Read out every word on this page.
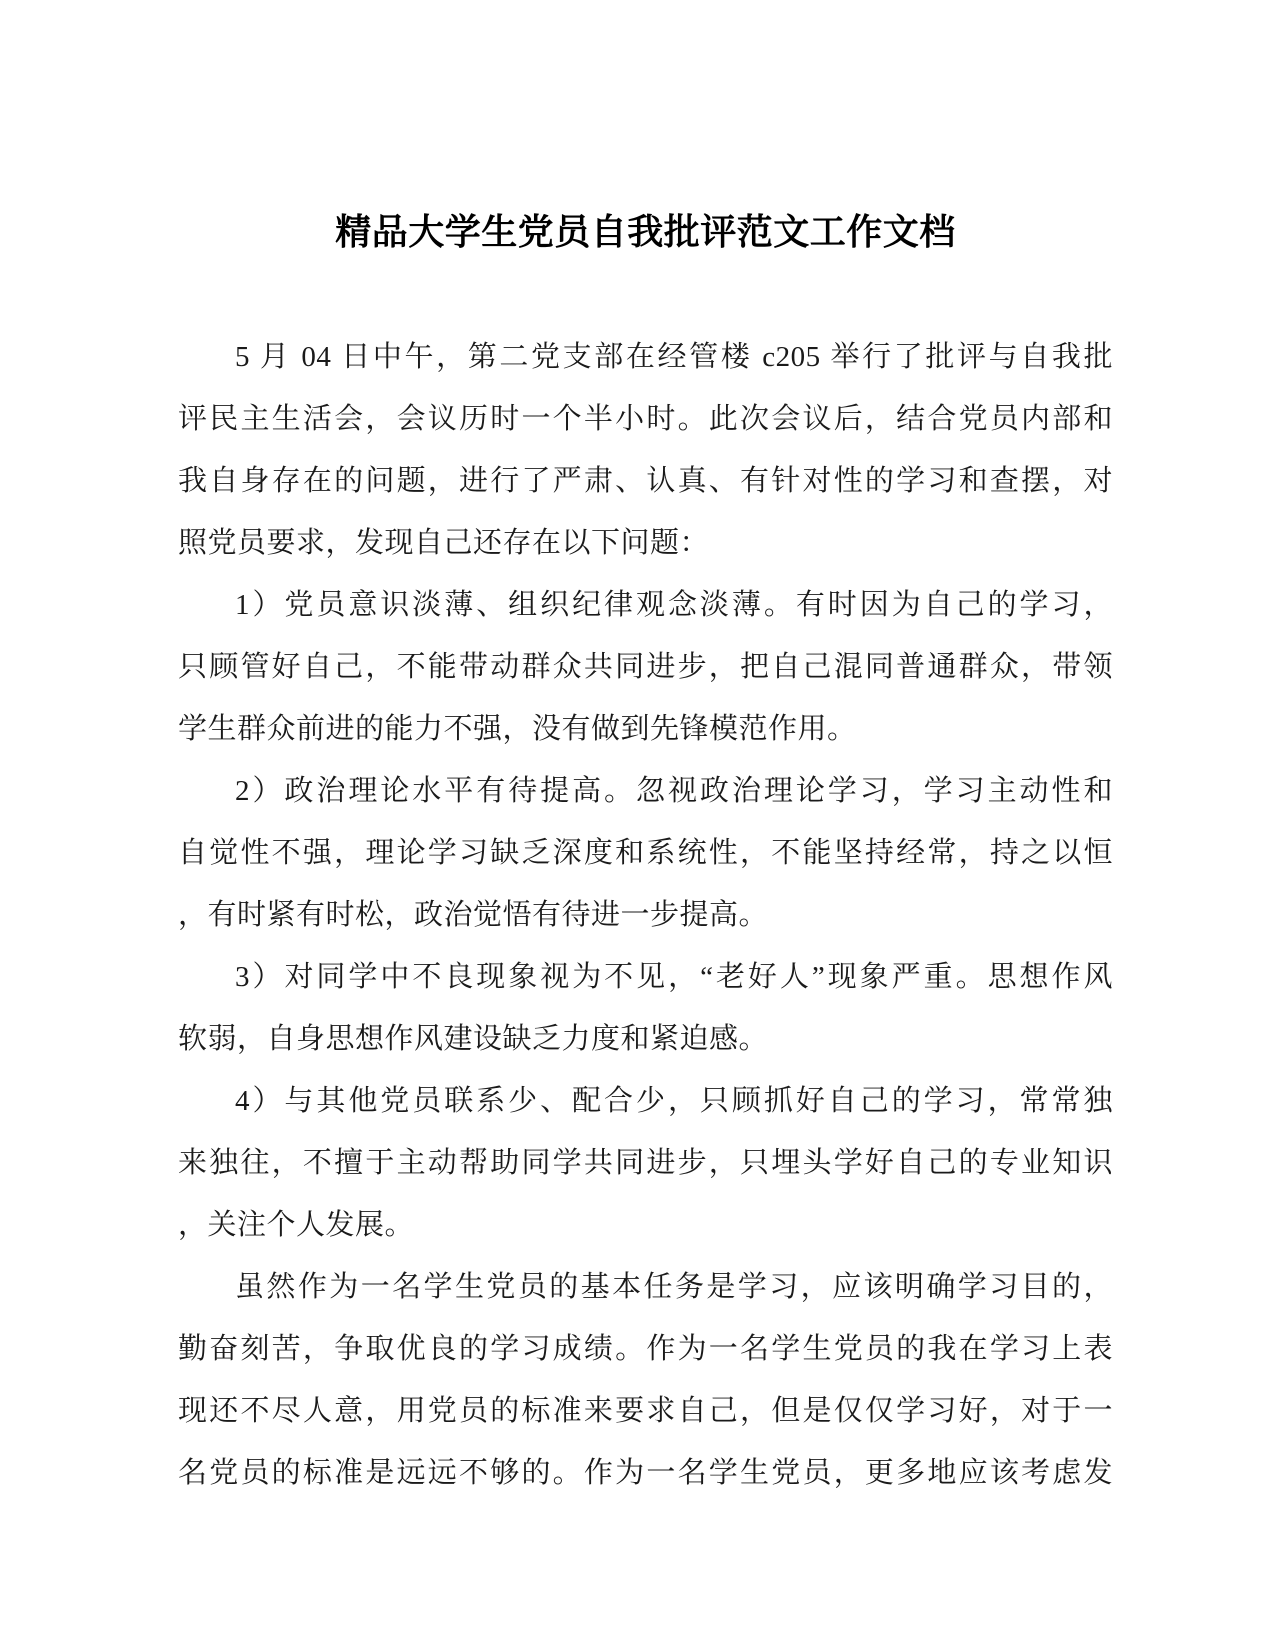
精品大学生党员自我批评范文工作文档
5 月 04 日中午，第二党支部在经管楼 c205 举行了批评与自我批
评民主生活会，会议历时一个半小时。此次会议后，结合党员内部和
我自身存在的问题，进行了严肃、认真、有针对性的学习和查摆，对
照党员要求，发现自己还存在以下问题：
1）党员意识淡薄、组织纪律观念淡薄。有时因为自己的学习，
只顾管好自己，不能带动群众共同进步，把自己混同普通群众，带领
学生群众前进的能力不强，没有做到先锋模范作用。
2）政治理论水平有待提高。忽视政治理论学习，学习主动性和
自觉性不强，理论学习缺乏深度和系统性，不能坚持经常，持之以恒
，有时紧有时松，政治觉悟有待进一步提高。
3）对同学中不良现象视为不见，“老好人”现象严重。思想作风
软弱，自身思想作风建设缺乏力度和紧迫感。
4）与其他党员联系少、配合少，只顾抓好自己的学习，常常独
来独往，不擅于主动帮助同学共同进步，只埋头学好自己的专业知识
，关注个人发展。
虽然作为一名学生党员的基本任务是学习，应该明确学习目的，
勤奋刻苦，争取优良的学习成绩。作为一名学生党员的我在学习上表
现还不尽人意，用党员的标准来要求自己，但是仅仅学习好，对于一
名党员的标准是远远不够的。作为一名学生党员，更多地应该考虑发
